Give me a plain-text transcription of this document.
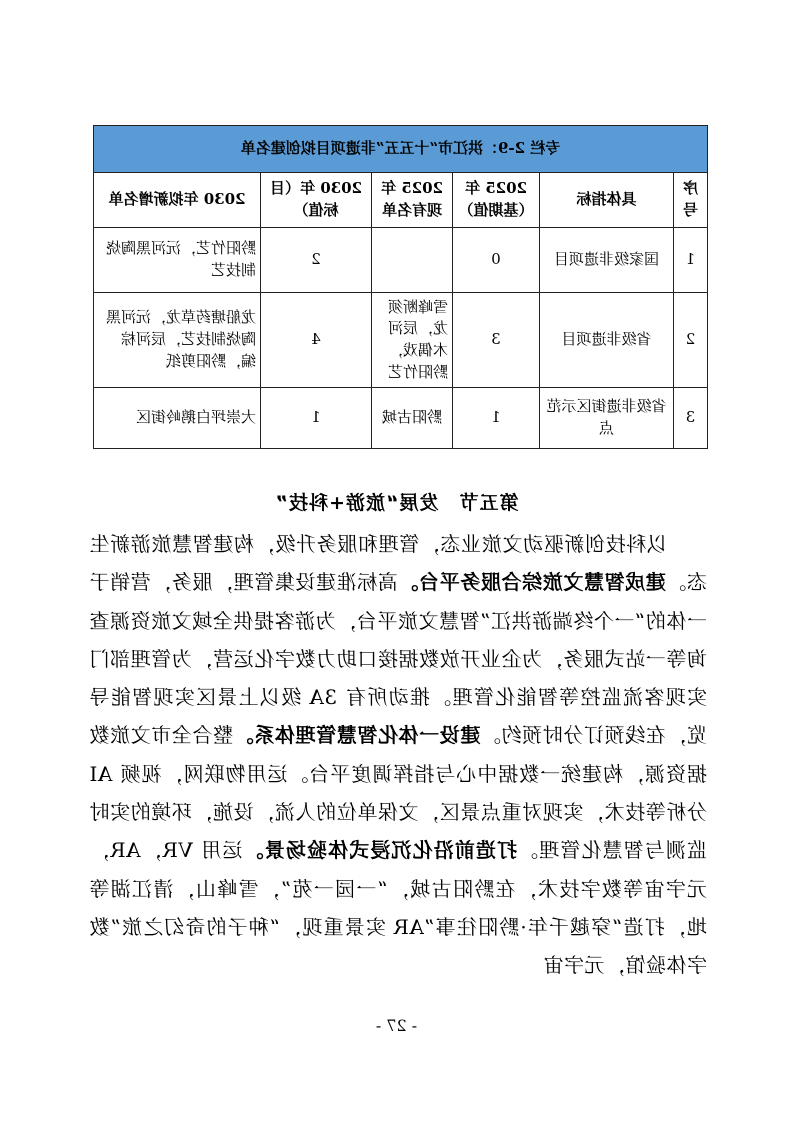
专栏 2-9：洪江市“十五五”非遗项目拟创建名单					
序号	具体指标	2025 年（基期值）	2025 年现有名单	2030 年（目标值）	2030 年拟新增名单
1	国家级非遗项目	0		2	黔阳竹艺，沅河黑陶烧制技艺
2	省级非遗项目	3	雪峰断须龙，辰河木偶戏，黔阳竹艺	4	龙船塘药草龙，沅河黑陶烧制技艺，辰河棕编，黔阳剪纸
3	省级非遗街区示范点	1	黔阳古城	1	大崇坪白鹅岭街区
第五节　发展“旅游+科技”
以科技创新驱动文旅业态，管理和服务升级，构建智慧旅游新生态。建成智慧文旅综合服务平台。高标准建设集管理，服务，营销于一体的“一个终端游洪江”智慧文旅平台，为游客提供全域文旅资源查询等一站式服务，为企业开放数据接口助力数字化运营，为管理部门实现客流监控等智能化管理。推动所有 3A 级以上景区实现智能导览，在线预订分时预约。建设一体化智慧管理体系。整合全市文旅数据资源，构建统一数据中心与指挥调度平台。运用物联网，视频 AI 分析等技术，实现对重点景区，文保单位的人流，设施，环境的实时监测与智慧化管理。打造前沿化沉浸式体验场景。运用 VR，AR，元宇宙等数字技术，在黔阳古城，“一园一苑”，雪峰山，清江湖等地，打造“穿越千年·黔阳往事”AR 实景重现，“种子的奇幻之旅”数字体验馆，元宇宙
- 27 -
